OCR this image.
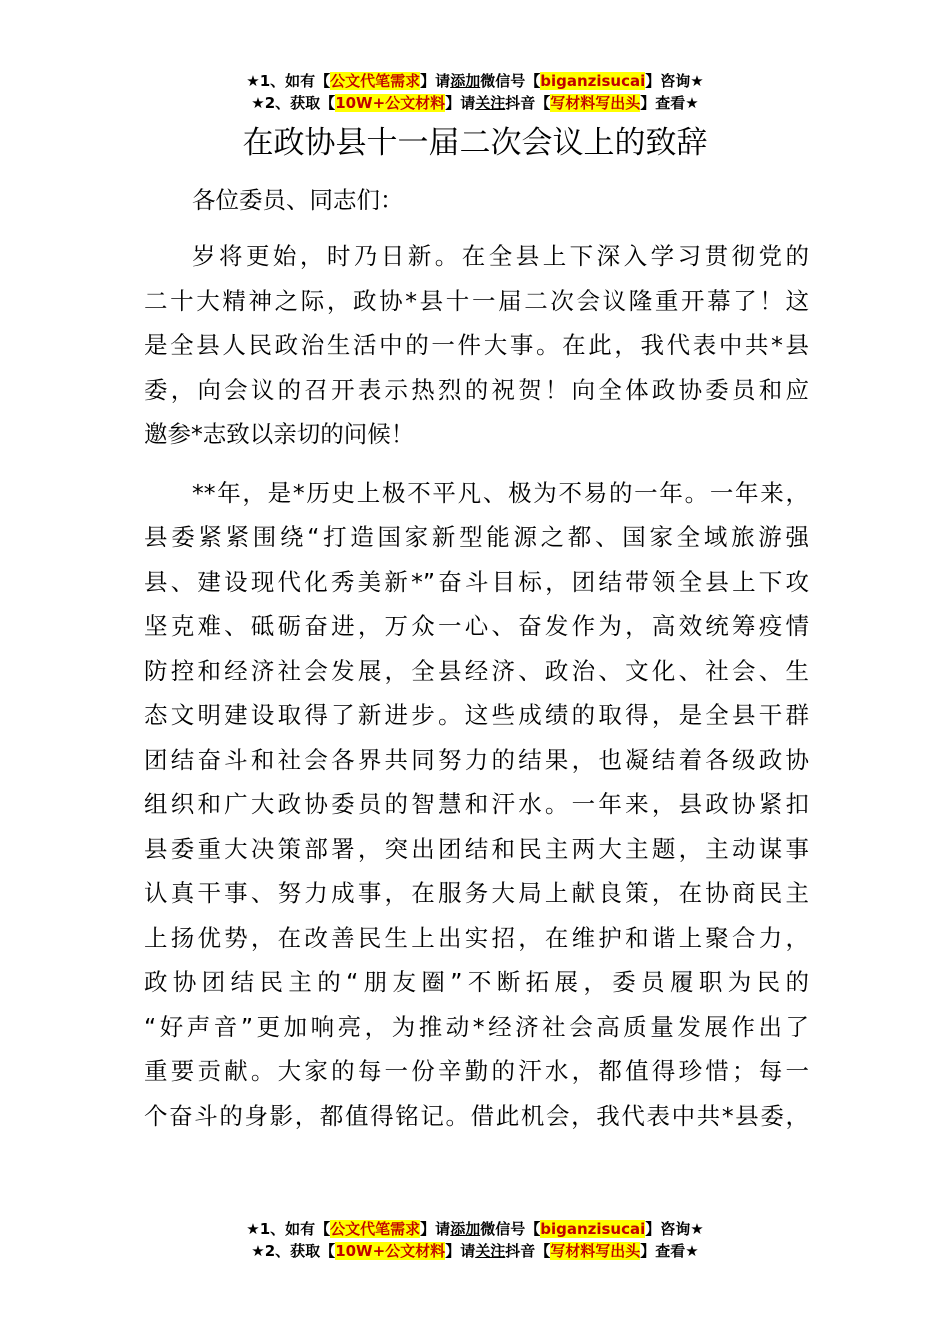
★1、如有【公文代笔需求】请添加微信号【biganzisucai】咨询★
★2、获取【10W+公文材料】请关注抖音【写材料写出头】查看★
在政协县十一届二次会议上的致辞

各位委员、同志们：

岁将更始，时乃日新。在全县上下深入学习贯彻党的
二十大精神之际，政协*县十一届二次会议隆重开幕了！这
是全县人民政治生活中的一件大事。在此，我代表中共*县
委，向会议的召开表示热烈的祝贺！向全体政协委员和应
邀参*志致以亲切的问候！
**年，是*历史上极不平凡、极为不易的一年。一年来，
县委紧紧围绕“打造国家新型能源之都、国家全域旅游强
县、建设现代化秀美新*”奋斗目标，团结带领全县上下攻
坚克难、砥砺奋进，万众一心、奋发作为，高效统筹疫情
防控和经济社会发展，全县经济、政治、文化、社会、生
态文明建设取得了新进步。这些成绩的取得，是全县干群
团结奋斗和社会各界共同努力的结果，也凝结着各级政协
组织和广大政协委员的智慧和汗水。一年来，县政协紧扣
县委重大决策部署，突出团结和民主两大主题，主动谋事
认真干事、努力成事，在服务大局上献良策，在协商民主
上扬优势，在改善民生上出实招，在维护和谐上聚合力，
政协团结民主的“朋友圈”不断拓展，委员履职为民的
“好声音”更加响亮，为推动*经济社会高质量发展作出了
重要贡献。大家的每一份辛勤的汗水，都值得珍惜；每一
个奋斗的身影，都值得铭记。借此机会，我代表中共*县委，
★1、如有【公文代笔需求】请添加微信号【biganzisucai】咨询★
★2、获取【10W+公文材料】请关注抖音【写材料写出头】查看★
